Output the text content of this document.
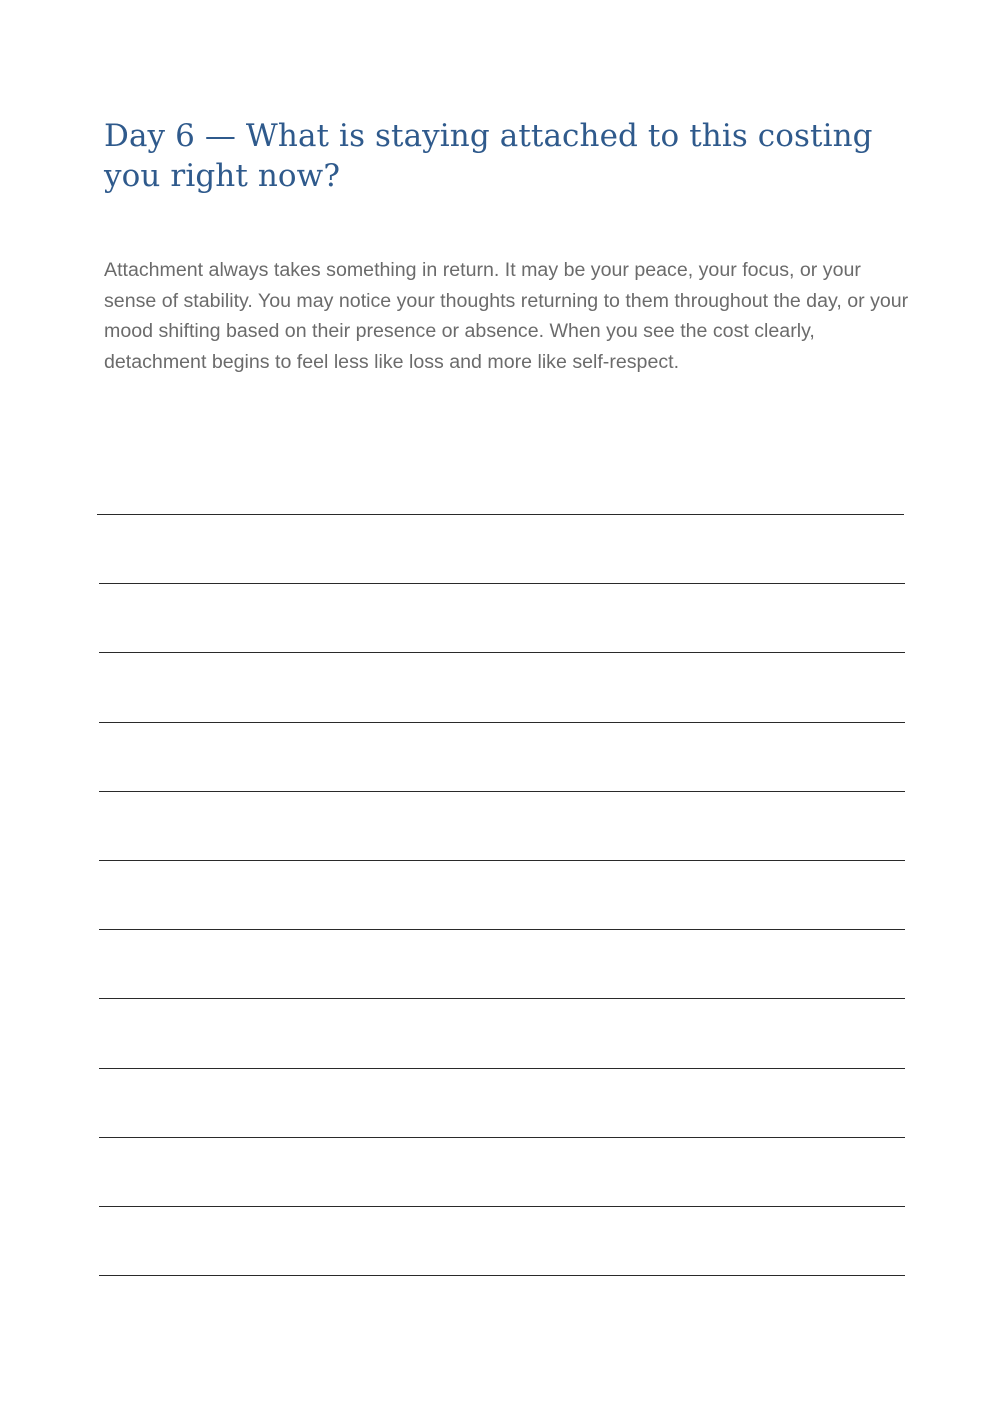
Day 6 — What is staying attached to this costing you right now?

Attachment always takes something in return. It may be your peace, your focus, or your sense of stability. You may notice your thoughts returning to them throughout the day, or your mood shifting based on their presence or absence. When you see the cost clearly, detachment begins to feel less like loss and more like self-respect.
